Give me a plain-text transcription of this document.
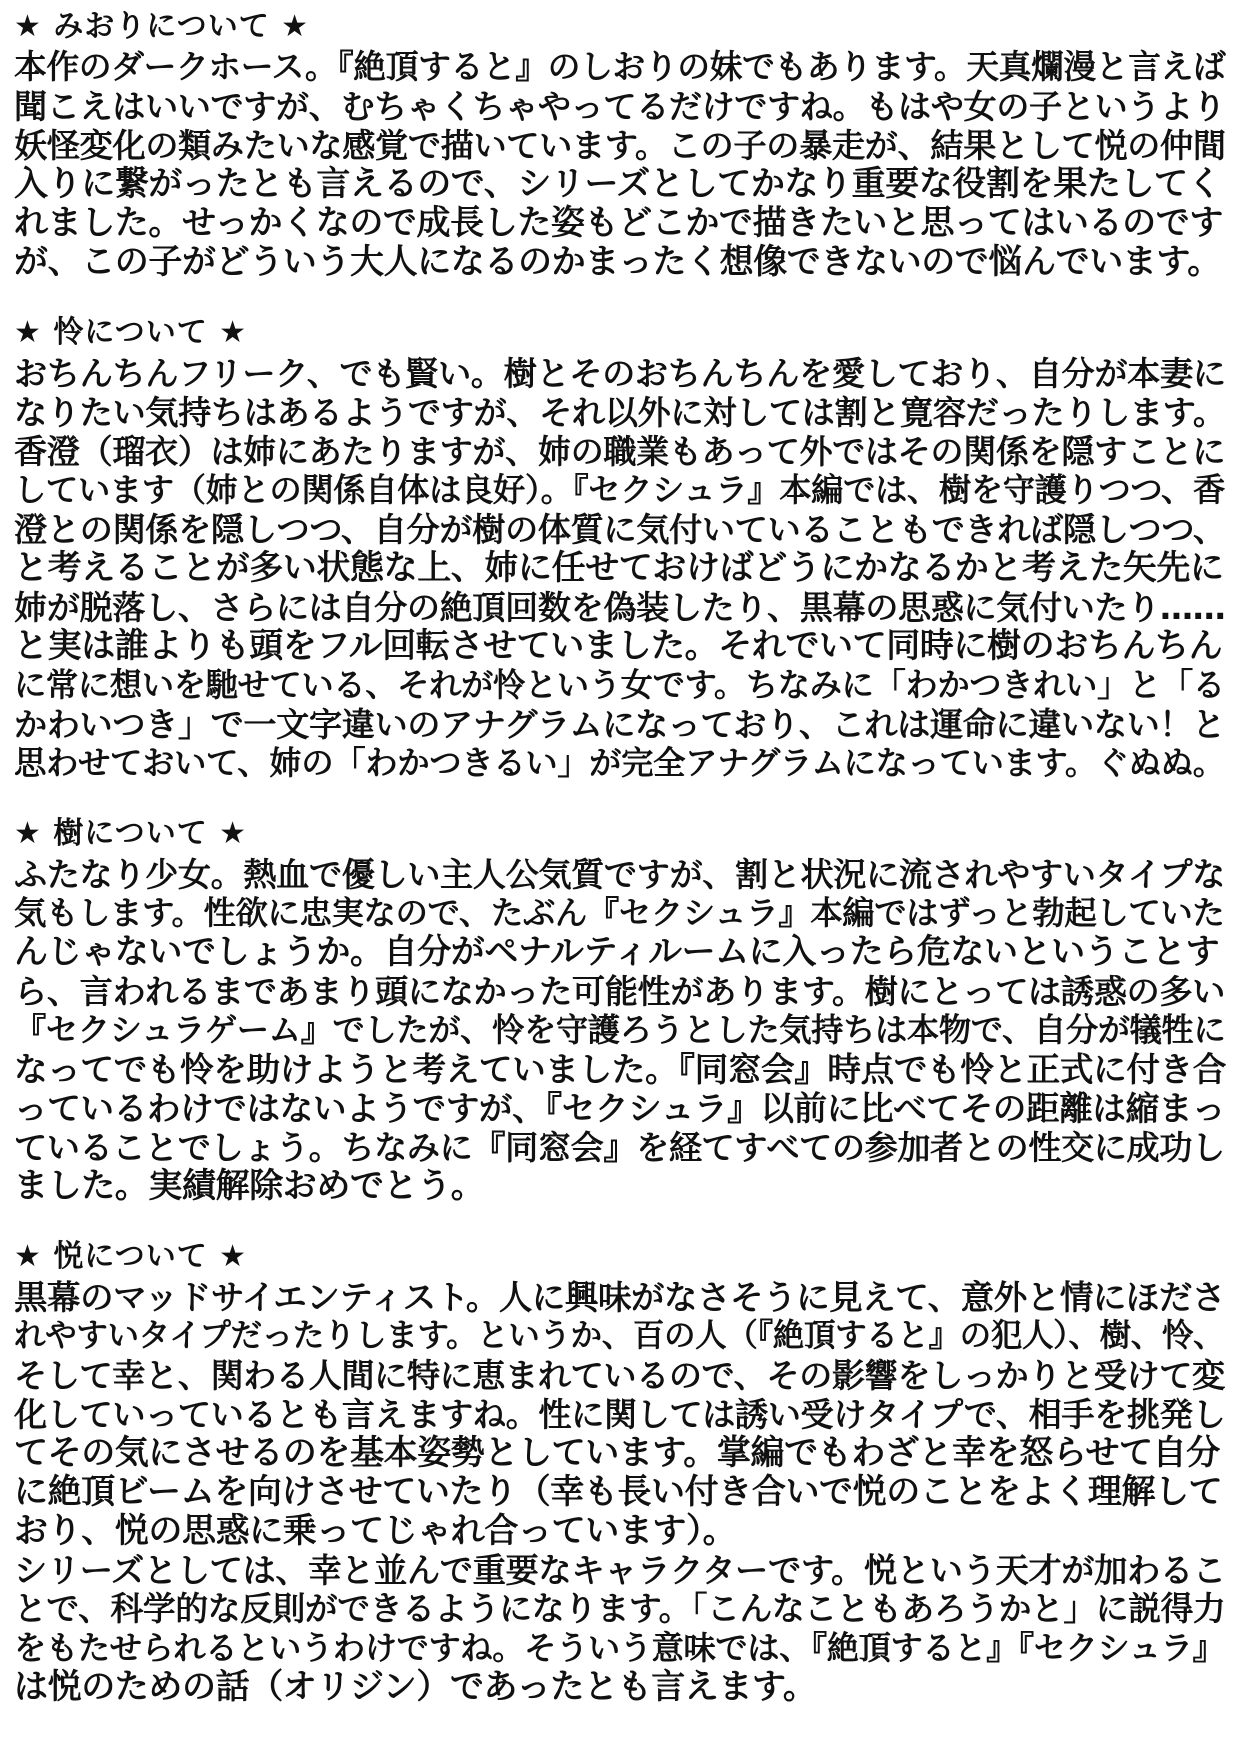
★ みおりについて ★
本作のダークホース。『絶頂すると』のしおりの妹でもあります。天真爛漫と言えば
聞こえはいいですが、むちゃくちゃやってるだけですね。もはや女の子というより
妖怪変化の類みたいな感覚で描いています。この子の暴走が、結果として悦の仲間
入りに繋がったとも言えるので、シリーズとしてかなり重要な役割を果たしてく
れました。せっかくなので成長した姿もどこかで描きたいと思ってはいるのです
が、この子がどういう大人になるのかまったく想像できないので悩んでいます。
★ 怜について ★
おちんちんフリーク、でも賢い。樹とそのおちんちんを愛しており、自分が本妻に
なりたい気持ちはあるようですが、それ以外に対しては割と寛容だったりします。
香澄（瑠衣）は姉にあたりますが、姉の職業もあって外ではその関係を隠すことに
しています（姉との関係自体は良好）。『セクシュラ』本編では、樹を守護りつつ、香
澄との関係を隠しつつ、自分が樹の体質に気付いていることもできれば隠しつつ、
と考えることが多い状態な上、姉に任せておけばどうにかなるかと考えた矢先に
姉が脱落し、さらには自分の絶頂回数を偽装したり、黒幕の思惑に気付いたり……
と実は誰よりも頭をフル回転させていました。それでいて同時に樹のおちんちん
に常に想いを馳せている、それが怜という女です。ちなみに「わかつきれい」と「る
かわいつき」で一文字違いのアナグラムになっており、これは運命に違いない！と
思わせておいて、姉の「わかつきるい」が完全アナグラムになっています。ぐぬぬ。
★ 樹について ★
ふたなり少女。熱血で優しい主人公気質ですが、割と状況に流されやすいタイプな
気もします。性欲に忠実なので、たぶん『セクシュラ』本編ではずっと勃起していた
んじゃないでしょうか。自分がペナルティルームに入ったら危ないということす
ら、言われるまであまり頭になかった可能性があります。樹にとっては誘惑の多い
『セクシュラゲーム』でしたが、怜を守護ろうとした気持ちは本物で、自分が犠牲に
なってでも怜を助けようと考えていました。『同窓会』時点でも怜と正式に付き合
っているわけではないようですが、『セクシュラ』以前に比べてその距離は縮まっ
ていることでしょう。ちなみに『同窓会』を経てすべての参加者との性交に成功し
ました。実績解除おめでとう。
★ 悦について ★
黒幕のマッドサイエンティスト。人に興味がなさそうに見えて、意外と情にほださ
れやすいタイプだったりします。というか、百の人（『絶頂すると』の犯人）、樹、怜、
そして幸と、関わる人間に特に恵まれているので、その影響をしっかりと受けて変
化していっているとも言えますね。性に関しては誘い受けタイプで、相手を挑発し
てその気にさせるのを基本姿勢としています。掌編でもわざと幸を怒らせて自分
に絶頂ビームを向けさせていたり（幸も長い付き合いで悦のことをよく理解して
おり、悦の思惑に乗ってじゃれ合っています）。
シリーズとしては、幸と並んで重要なキャラクターです。悦という天才が加わるこ
とで、科学的な反則ができるようになります。「こんなこともあろうかと」に説得力
をもたせられるというわけですね。そういう意味では、『絶頂すると』『セクシュラ』
は悦のための話（オリジン）であったとも言えます。
